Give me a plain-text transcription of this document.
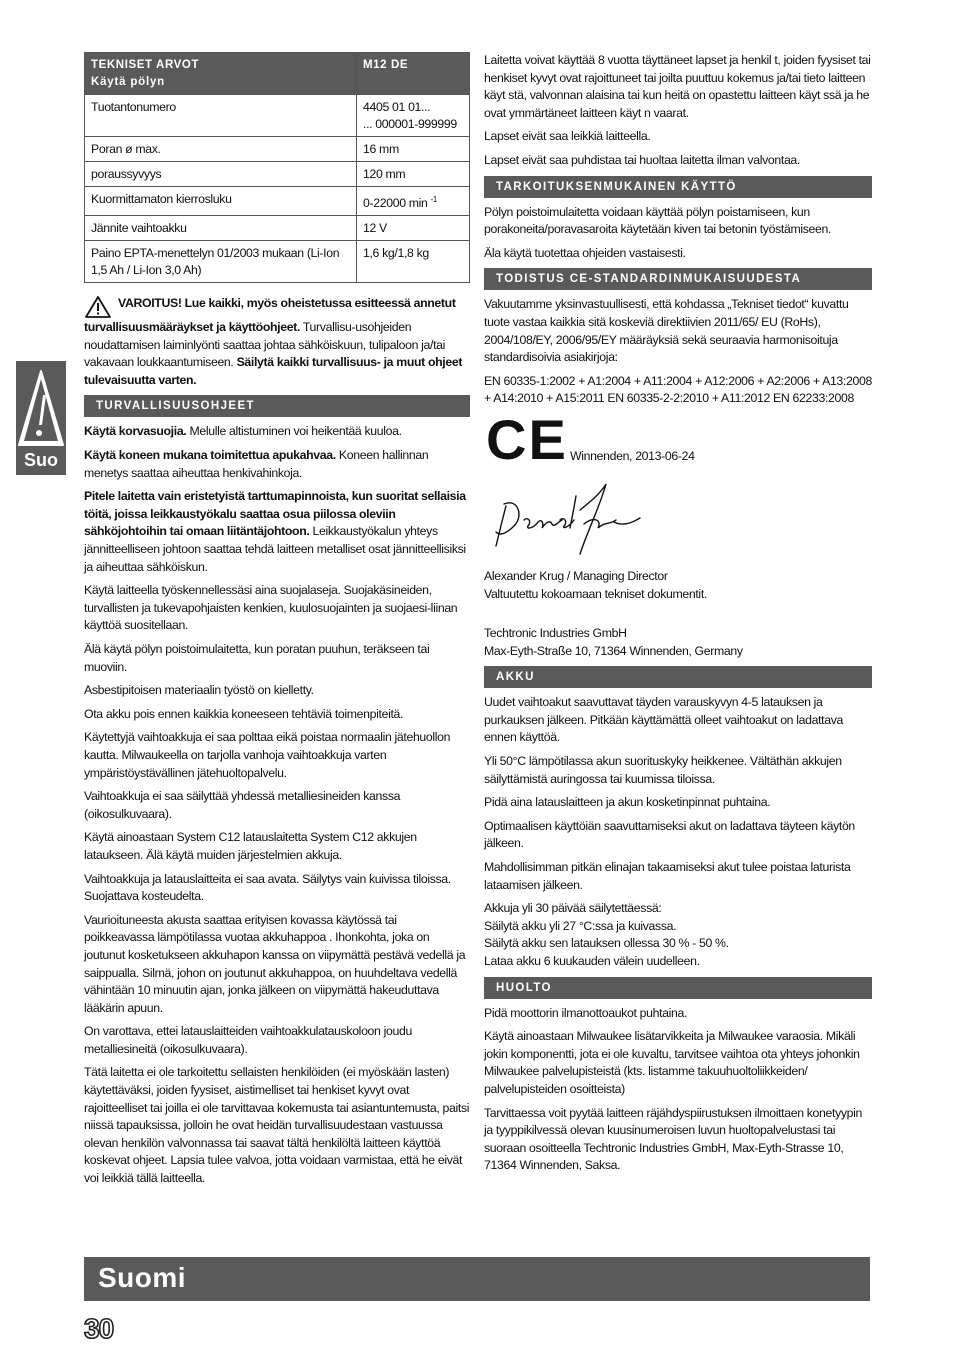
Suo
TEKNISET ARVOT
Käytä pölyn	M12 DE
Tuotantonumero	4405 01 01...
... 000001-999999
Poran ø max.	16 mm
poraussyvyys	120 mm
Kuormittamaton kierrosluku	0-22000 min $^{-1}$
Jännite vaihtoakku	12 V
Paino EPTA-menettelyn 01/2003 mukaan (Li-Ion 1,5 Ah / Li-Ion 3,0 Ah)	1,6 kg/1,8 kg

VAROITUS! Lue kaikki, myös oheistetussa esitteessä annetut turvallisuusmääräykset ja käyttöohjeet. Turvallisu-usohjeiden noudattamisen laiminlyönti saattaa johtaa sähköiskuun, tulipaloon ja/tai vakavaan loukkaantumiseen. Säilytä kaikki turvallisuus- ja muut ohjeet tulevaisuutta varten.

TURVALLISUUSOHJEET

Käytä korvasuojia. Melulle altistuminen voi heikentää kuuloa.

Käytä koneen mukana toimitettua apukahvaa. Koneen hallinnan menetys saattaa aiheuttaa henkivahinkoja.

Pitele laitetta vain eristetyistä tarttumapinnoista, kun suoritat sellaisia töitä, joissa leikkaustyökalu saattaa osua piilossa oleviin sähköjohtoihin tai omaan liitäntäjohtoon. Leikkaustyökalun yhteys jännitteelliseen johtoon saattaa tehdä laitteen metalliset osat jännitteellisiksi ja aiheuttaa sähköiskun.

Käytä laitteella työskennellessäsi aina suojalaseja. Suojakäsineiden, turvallisten ja tukevapohjaisten kenkien, kuulosuojainten ja suojaesi-liinan käyttöä suositellaan.

Älä käytä pölyn poistoimulaitetta, kun poratan puuhun, teräkseen tai muoviin.

Asbestipitoisen materiaalin työstö on kielletty.

Ota akku pois ennen kaikkia koneeseen tehtäviä toimenpiteitä.

Käytettyjä vaihtoakkuja ei saa polttaa eikä poistaa normaalin jätehuollon kautta. Milwaukeella on tarjolla vanhoja vaihtoakkuja varten ympäristöystävällinen jätehuoltopalvelu.

Vaihtoakkuja ei saa säilyttää yhdessä metalliesineiden kanssa (oikosulkuvaara).

Käytä ainoastaan System C12 latauslaitetta System C12 akkujen lataukseen. Älä käytä muiden järjestelmien akkuja.

Vaihtoakkuja ja latauslaitteita ei saa avata. Säilytys vain kuivissa tiloissa. Suojattava kosteudelta.

Vaurioituneesta akusta saattaa erityisen kovassa käytössä tai poikkeavassa lämpötilassa vuotaa akkuhappoa . Ihonkohta, joka on joutunut kosketukseen akkuhapon kanssa on viipymättä pestävä vedellä ja saippualla. Silmä, johon on joutunut akkuhappoa, on huuhdeltava vedellä vähintään 10 minuutin ajan, jonka jälkeen on viipymättä hakeuduttava lääkärin apuun.

On varottava, ettei latauslaitteiden vaihtoakkulatauskoloon joudu metalliesineitä (oikosulkuvaara).

Tätä laitetta ei ole tarkoitettu sellaisten henkilöiden (ei myöskään lasten) käytettäväksi, joiden fyysiset, aistimelliset tai henkiset kyvyt ovat rajoitteelliset tai joilla ei ole tarvittavaa kokemusta tai asiantuntemusta, paitsi niissä tapauksissa, jolloin he ovat heidän turvallisuudestaan vastuussa olevan henkilön valvonnassa tai saavat tältä henkilöltä laitteen käyttöä koskevat ohjeet. Lapsia tulee valvoa, jotta voidaan varmistaa, että he eivät voi leikkiä tällä laitteella.

Laitetta voivat käyttää 8 vuotta täyttäneet lapset ja henkil t, joiden fyysiset tai henkiset kyvyt ovat rajoittuneet tai joilta puuttuu kokemus ja/tai tieto laitteen käyt stä, valvonnan alaisina tai kun heitä on opastettu laitteen käyt ssä ja he ovat ymmärtäneet laitteen käyt n vaarat.

Lapset eivät saa leikkiä laitteella.

Lapset eivät saa puhdistaa tai huoltaa laitetta ilman valvontaa.

TARKOITUKSENMUKAINEN KÄYTTÖ

Pölyn poistoimulaitetta voidaan käyttää pölyn poistamiseen, kun porakoneita/poravasaroita käytetään kiven tai betonin työstämiseen.

Äla käytä tuotettaa ohjeiden vastaisesti.

TODISTUS CE-STANDARDINMUKAISUUDESTA

Vakuutamme yksinvastuullisesti, että kohdassa „Tekniset tiedot“ kuvattu tuote vastaa kaikkia sitä koskeviä direktiivien 2011/65/ EU (RoHs), 2004/108/EY, 2006/95/EY määräyksiä sekä seuraavia harmonisoituja standardisoivia asiakirjoja:

EN 60335-1:2002 + A1:2004 + A11:2004 + A12:2006 + A2:2006 + A13:2008 + A14:2010 + A15:2011 EN 60335-2-2:2010 + A11:2012 EN 62233:2008

CE Winnenden, 2013-06-24

Alexander Krug / Managing Director

Valtuutettu kokoamaan tekniset dokumentit.

Techtronic Industries GmbH

Max-Eyth-Straße 10, 71364 Winnenden, Germany

AKKU

Uudet vaihtoakut saavuttavat täyden varauskyvyn 4-5 latauksen ja purkauksen jälkeen. Pitkään käyttämättä olleet vaihtoakut on ladattava ennen käyttöä.

Yli 50°C lämpötilassa akun suorituskyky heikkenee. Vältäthän akkujen säilyttämistä auringossa tai kuumissa tiloissa.

Pidä aina latauslaitteen ja akun kosketinpinnat puhtaina.

Optimaalisen käyttöiän saavuttamiseksi akut on ladattava täyteen käytön jälkeen.

Mahdollisimman pitkän elinajan takaamiseksi akut tulee poistaa laturista lataamisen jälkeen.

Akkuja yli 30 päivää säilytettäessä:
Säilytä akku yli 27 °C:ssa ja kuivassa.
Säilytä akku sen latauksen ollessa 30 % - 50 %.
Lataa akku 6 kuukauden välein uudelleen.

HUOLTO

Pidä moottorin ilmanottoaukot puhtaina.

Käytä ainoastaan Milwaukee lisätarvikkeita ja Milwaukee varaosia. Mikäli jokin komponentti, jota ei ole kuvaltu, tarvitsee vaihtoa ota yhteys johonkin Milwaukee palvelupisteistä (kts. listamme takuuhuoltoliikkeiden/ palvelupisteiden osoitteista)

Tarvittaessa voit pyytää laitteen räjähdyspiirustuksen ilmoittaen konetyypin ja tyyppikilvessä olevan kuusinumeroisen luvun huoltopalvelustasi tai suoraan osoitteella Techtronic Industries GmbH, Max-Eyth-Strasse 10, 71364 Winnenden, Saksa.

Suomi
30
